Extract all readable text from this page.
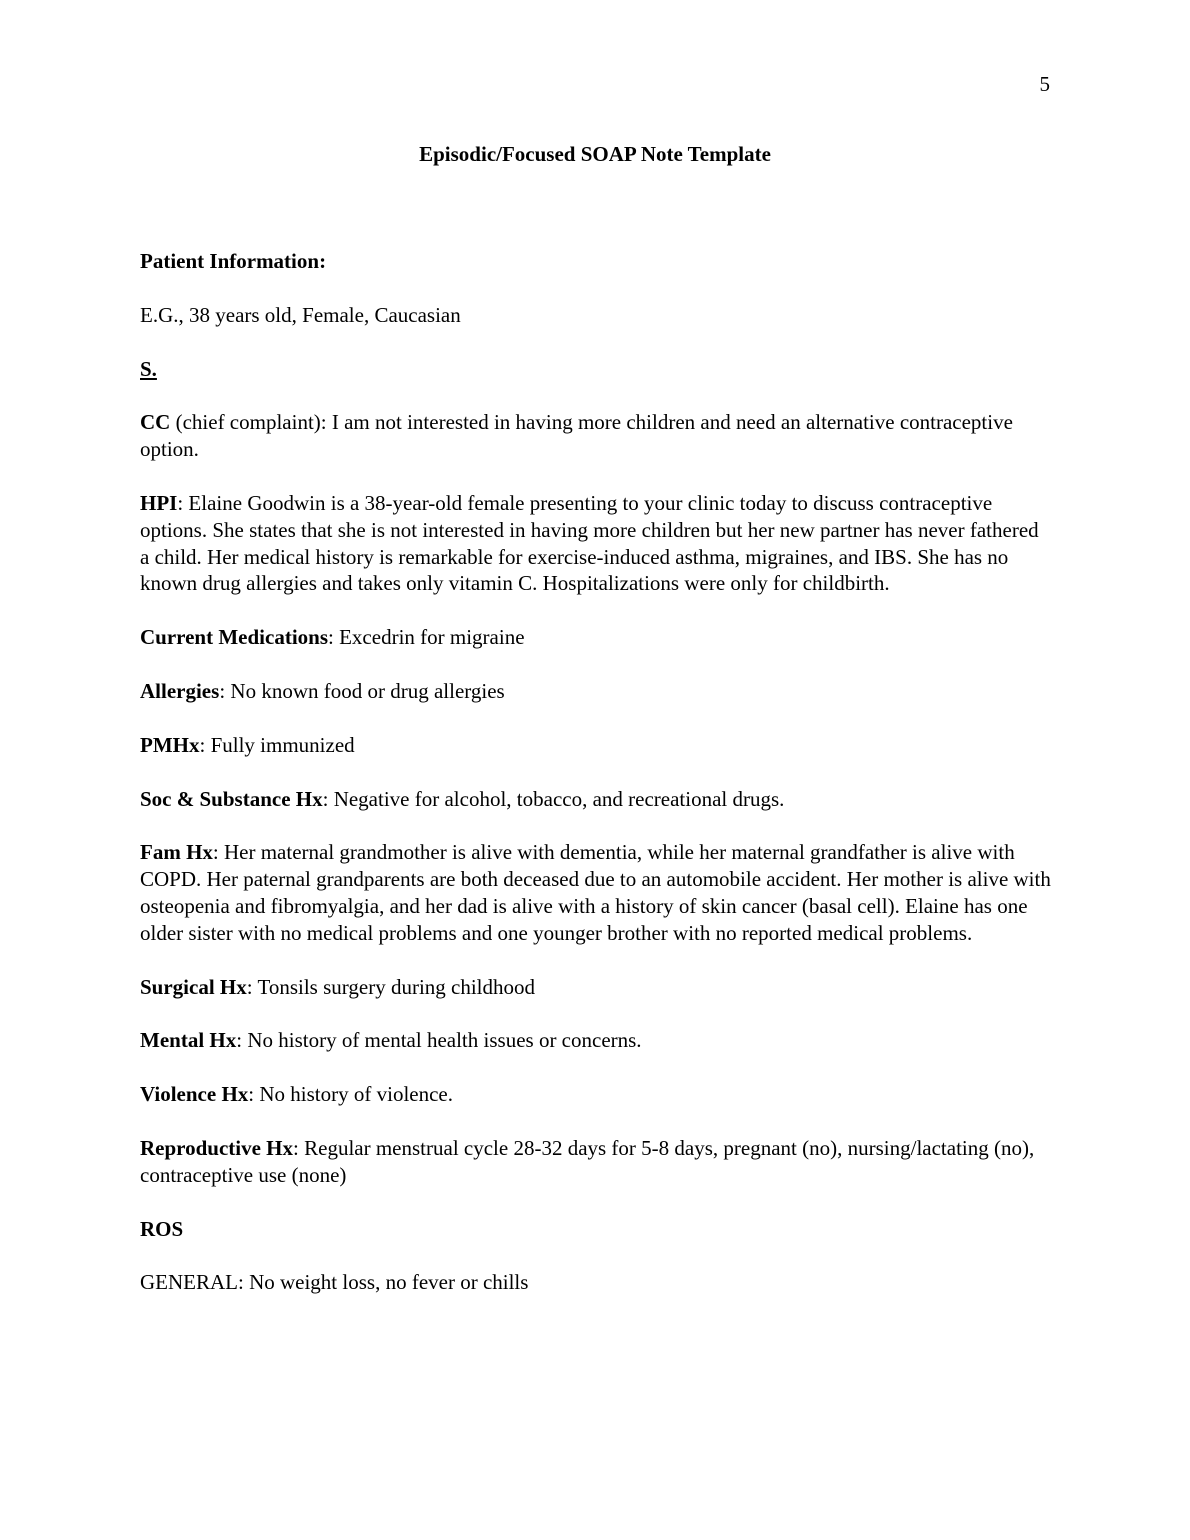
5
Episodic/Focused SOAP Note Template

Patient Information:

E.G., 38 years old, Female, Caucasian

S.

CC (chief complaint): I am not interested in having more children and need an alternative contraceptive option.

HPI: Elaine Goodwin is a 38-year-old female presenting to your clinic today to discuss contraceptive options. She states that she is not interested in having more children but her new partner has never fathered a child. Her medical history is remarkable for exercise-induced asthma, migraines, and IBS. She has no known drug allergies and takes only vitamin C. Hospitalizations were only for childbirth.

Current Medications: Excedrin for migraine

Allergies: No known food or drug allergies

PMHx: Fully immunized

Soc & Substance Hx: Negative for alcohol, tobacco, and recreational drugs.

Fam Hx: Her maternal grandmother is alive with dementia, while her maternal grandfather is alive with COPD. Her paternal grandparents are both deceased due to an automobile accident. Her mother is alive with osteopenia and fibromyalgia, and her dad is alive with a history of skin cancer (basal cell). Elaine has one older sister with no medical problems and one younger brother with no reported medical problems.

Surgical Hx: Tonsils surgery during childhood

Mental Hx: No history of mental health issues or concerns.

Violence Hx: No history of violence.

Reproductive Hx: Regular menstrual cycle 28-32 days for 5-8 days, pregnant (no), nursing/lactating (no), contraceptive use (none)

ROS

GENERAL: No weight loss, no fever or chills
